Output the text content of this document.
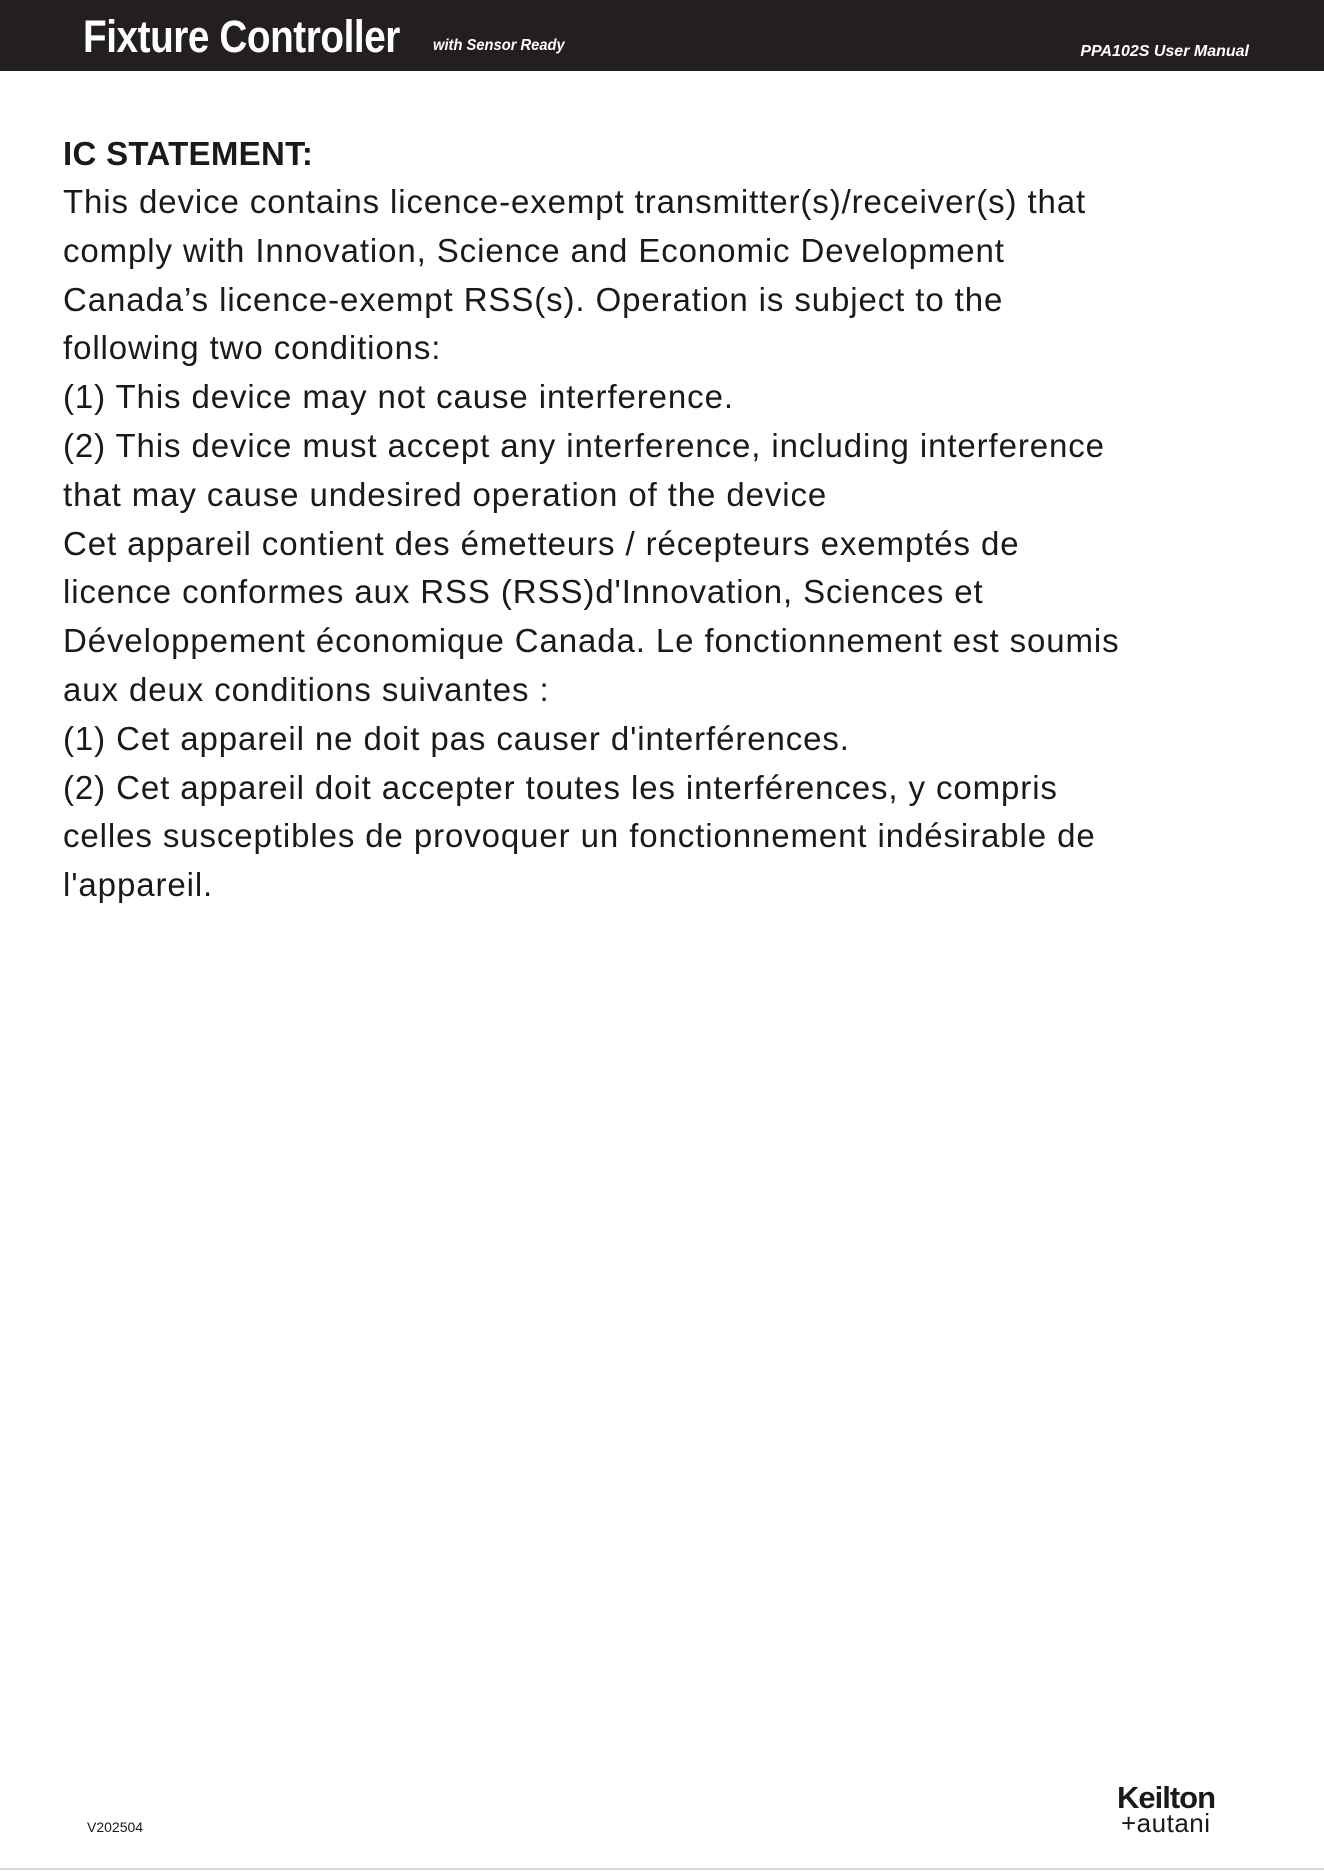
Fixture Controller with Sensor Ready	PPA102S User Manual
IC STATEMENT:

This device contains licence-exempt transmitter(s)/receiver(s) that
comply with Innovation, Science and Economic Development
Canada’s licence-exempt RSS(s). Operation is subject to the
following two conditions:
(1) This device may not cause interference.
(2) This device must accept any interference, including interference
that may cause undesired operation of the device
Cet appareil contient des émetteurs / récepteurs exemptés de
licence conformes aux RSS (RSS)d'Innovation, Sciences et
Développement économique Canada. Le fonctionnement est soumis
aux deux conditions suivantes :
(1) Cet appareil ne doit pas causer d'interférences.
(2) Cet appareil doit accepter toutes les interférences, y compris
celles susceptibles de provoquer un fonctionnement indésirable de
l'appareil.

V202504
Keilton
+autani
